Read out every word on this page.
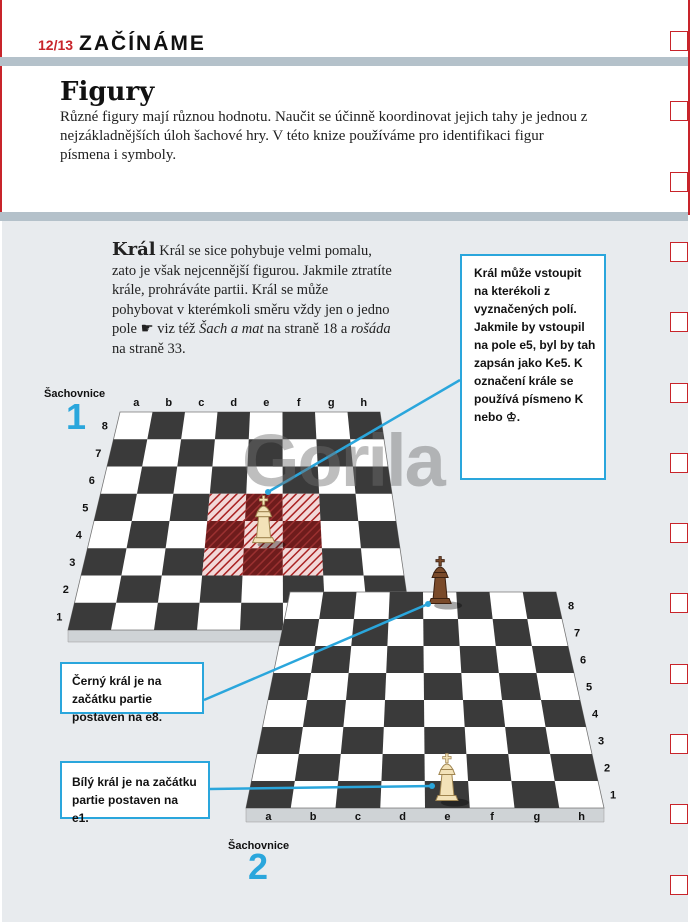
12/13 ZAČÍNÁME
Figury
Různé figury mají různou hodnotu. Naučit se účinně koordinovat jejich tahy je jednou z nejzákladnějších úloh šachové hry. V této knize používáme pro identifikaci figur písmena i symboly.
Král Král se sice pohybuje velmi pomalu, zato je však nejcennější figurou. Jakmile ztratíte krále, prohráváte partii. Král se může pohybovat v kterémkoli směru vždy jen o jedno pole ☛ viz též Šach a mat na straně 18 a rošáda na straně 33.
Šachovnice
1
Šachovnice
2
a b c d e	f g h
1
2
3
4
5
6
7
8
a	b	c	d	e	f	g	h
1
2
3
4
5
6
7
8
Gorila
Král může vstoupit na kterékoli z vyznačených polí. Jakmile by vstoupil na pole e5, byl by tah zapsán jako Ke5. K označení krále se používá písmeno K nebo ♔.
Černý král je na začátku partie postaven na e8.
Bílý král je na začátku partie postaven na e1.
